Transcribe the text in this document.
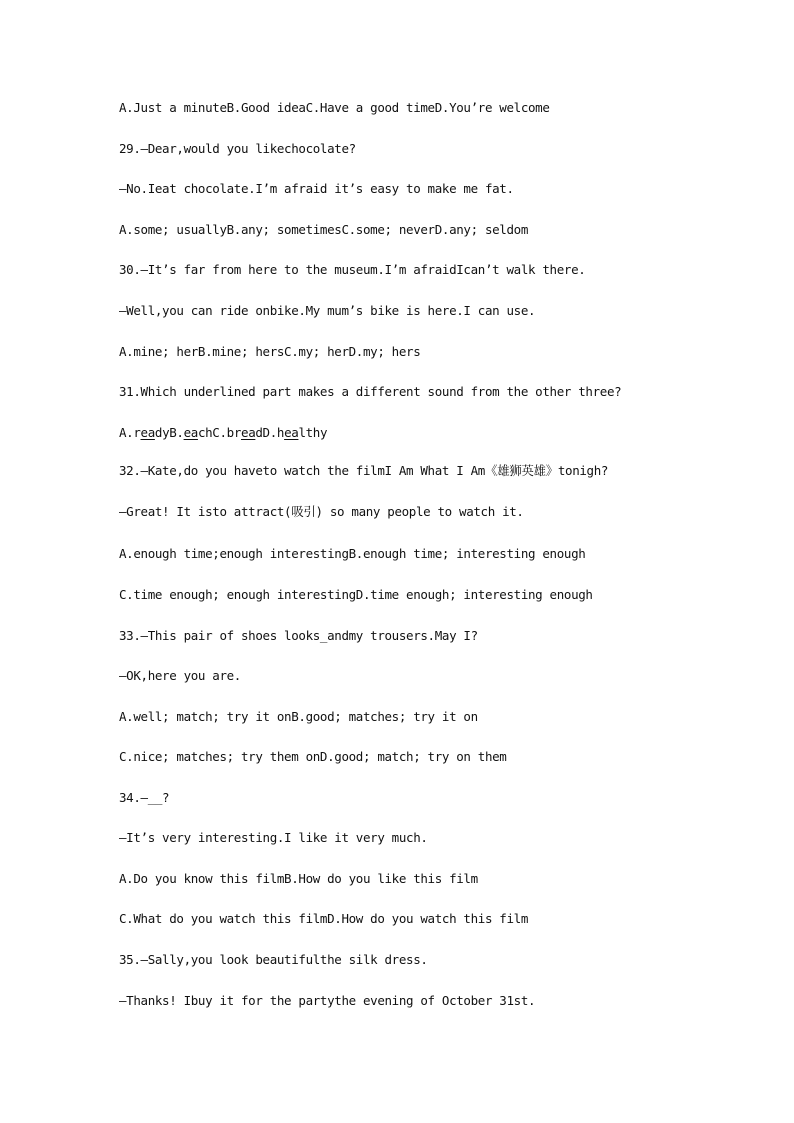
A.Just a minuteB.Good ideaC.Have a good timeD.You’re welcome
29.—Dear,would you likechocolate?
—No.Ieat chocolate.I’m afraid it’s easy to make me fat.
A.some; usuallyB.any; sometimesC.some; neverD.any; seldom
30.—It’s far from here to the museum.I’m afraidIcan’t walk there.
—Well,you can ride onbike.My mum’s bike is here.I can use.
A.mine; herB.mine; hersC.my; herD.my; hers
31.Which underlined part makes a different sound from the other three?
A.readyB.eachC.breadD.healthy
32.—Kate,do you haveto watch the filmI Am What I Am《雄狮英雄》tonigh?
—Great! It isto attract(吸引) so many people to watch it.
A.enough time;enough interestingB.enough time; interesting enough
C.time enough; enough interestingD.time enough; interesting enough
33.—This pair of shoes looks_andmy trousers.May I?
—OK,here you are.
A.well; match; try it onB.good; matches; try it on
C.nice; matches; try them onD.good; match; try on them
34.—__?
—It’s very interesting.I like it very much.
A.Do you know this filmB.How do you like this film
C.What do you watch this filmD.How do you watch this film
35.—Sally,you look beautifulthe silk dress.
—Thanks! Ibuy it for the partythe evening of October 31st.
